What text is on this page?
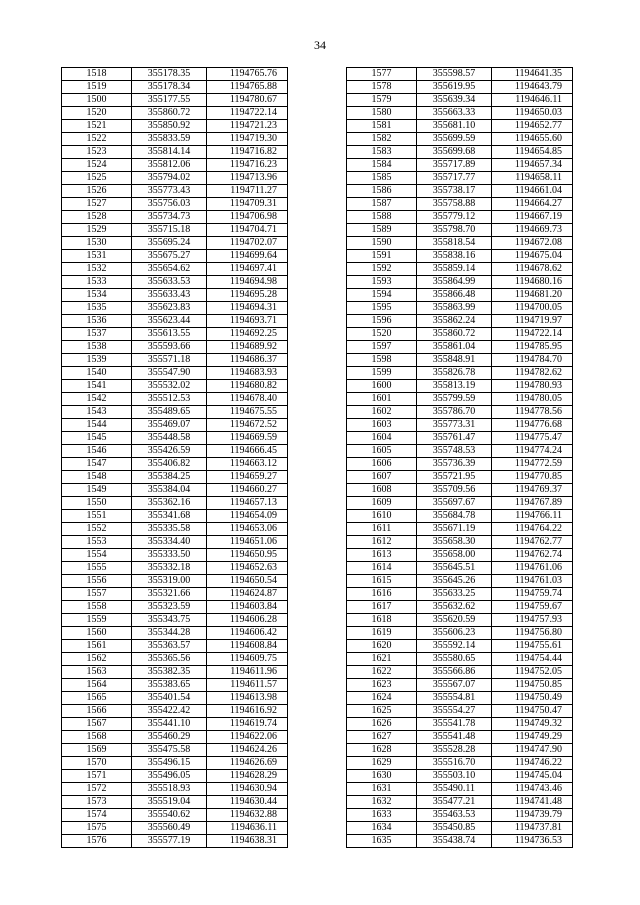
34
1518	355178.35	1194765.76
1519	355178.34	1194765.88
1500	355177.55	1194780.67
1520	355860.72	1194722.14
1521	355850.92	1194721.23
1522	355833.59	1194719.30
1523	355814.14	1194716.82
1524	355812.06	1194716.23
1525	355794.02	1194713.96
1526	355773.43	1194711.27
1527	355756.03	1194709.31
1528	355734.73	1194706.98
1529	355715.18	1194704.71
1530	355695.24	1194702.07
1531	355675.27	1194699.64
1532	355654.62	1194697.41
1533	355633.53	1194694.98
1534	355633.43	1194695.28
1535	355623.83	1194694.31
1536	355623.44	1194693.71
1537	355613.55	1194692.25
1538	355593.66	1194689.92
1539	355571.18	1194686.37
1540	355547.90	1194683.93
1541	355532.02	1194680.82
1542	355512.53	1194678.40
1543	355489.65	1194675.55
1544	355469.07	1194672.52
1545	355448.58	1194669.59
1546	355426.59	1194666.45
1547	355406.82	1194663.12
1548	355384.25	1194659.27
1549	355384.04	1194660.27
1550	355362.16	1194657.13
1551	355341.68	1194654.09
1552	355335.58	1194653.06
1553	355334.40	1194651.06
1554	355333.50	1194650.95
1555	355332.18	1194652.63
1556	355319.00	1194650.54
1557	355321.66	1194624.87
1558	355323.59	1194603.84
1559	355343.75	1194606.28
1560	355344.28	1194606.42
1561	355363.57	1194608.84
1562	355365.56	1194609.75
1563	355382.35	1194611.96
1564	355383.65	1194611.57
1565	355401.54	1194613.98
1566	355422.42	1194616.92
1567	355441.10	1194619.74
1568	355460.29	1194622.06
1569	355475.58	1194624.26
1570	355496.15	1194626.69
1571	355496.05	1194628.29
1572	355518.93	1194630.94
1573	355519.04	1194630.44
1574	355540.62	1194632.88
1575	355560.49	1194636.11
1576	355577.19	1194638.31
1577	355598.57	1194641.35
1578	355619.95	1194643.79
1579	355639.34	1194646.11
1580	355663.33	1194650.03
1581	355681.10	1194652.77
1582	355699.59	1194655.60
1583	355699.68	1194654.85
1584	355717.89	1194657.34
1585	355717.77	1194658.11
1586	355738.17	1194661.04
1587	355758.88	1194664.27
1588	355779.12	1194667.19
1589	355798.70	1194669.73
1590	355818.54	1194672.08
1591	355838.16	1194675.04
1592	355859.14	1194678.62
1593	355864.99	1194680.16
1594	355866.48	1194681.20
1595	355863.99	1194700.05
1596	355862.24	1194719.97
1520	355860.72	1194722.14
1597	355861.04	1194785.95
1598	355848.91	1194784.70
1599	355826.78	1194782.62
1600	355813.19	1194780.93
1601	355799.59	1194780.05
1602	355786.70	1194778.56
1603	355773.31	1194776.68
1604	355761.47	1194775.47
1605	355748.53	1194774.24
1606	355736.39	1194772.59
1607	355721.95	1194770.85
1608	355709.56	1194769.37
1609	355697.67	1194767.89
1610	355684.78	1194766.11
1611	355671.19	1194764.22
1612	355658.30	1194762.77
1613	355658.00	1194762.74
1614	355645.51	1194761.06
1615	355645.26	1194761.03
1616	355633.25	1194759.74
1617	355632.62	1194759.67
1618	355620.59	1194757.93
1619	355606.23	1194756.80
1620	355592.14	1194755.61
1621	355580.65	1194754.44
1622	355566.86	1194752.05
1623	355567.07	1194750.85
1624	355554.81	1194750.49
1625	355554.27	1194750.47
1626	355541.78	1194749.32
1627	355541.48	1194749.29
1628	355528.28	1194747.90
1629	355516.70	1194746.22
1630	355503.10	1194745.04
1631	355490.11	1194743.46
1632	355477.21	1194741.48
1633	355463.53	1194739.79
1634	355450.85	1194737.81
1635	355438.74	1194736.53
